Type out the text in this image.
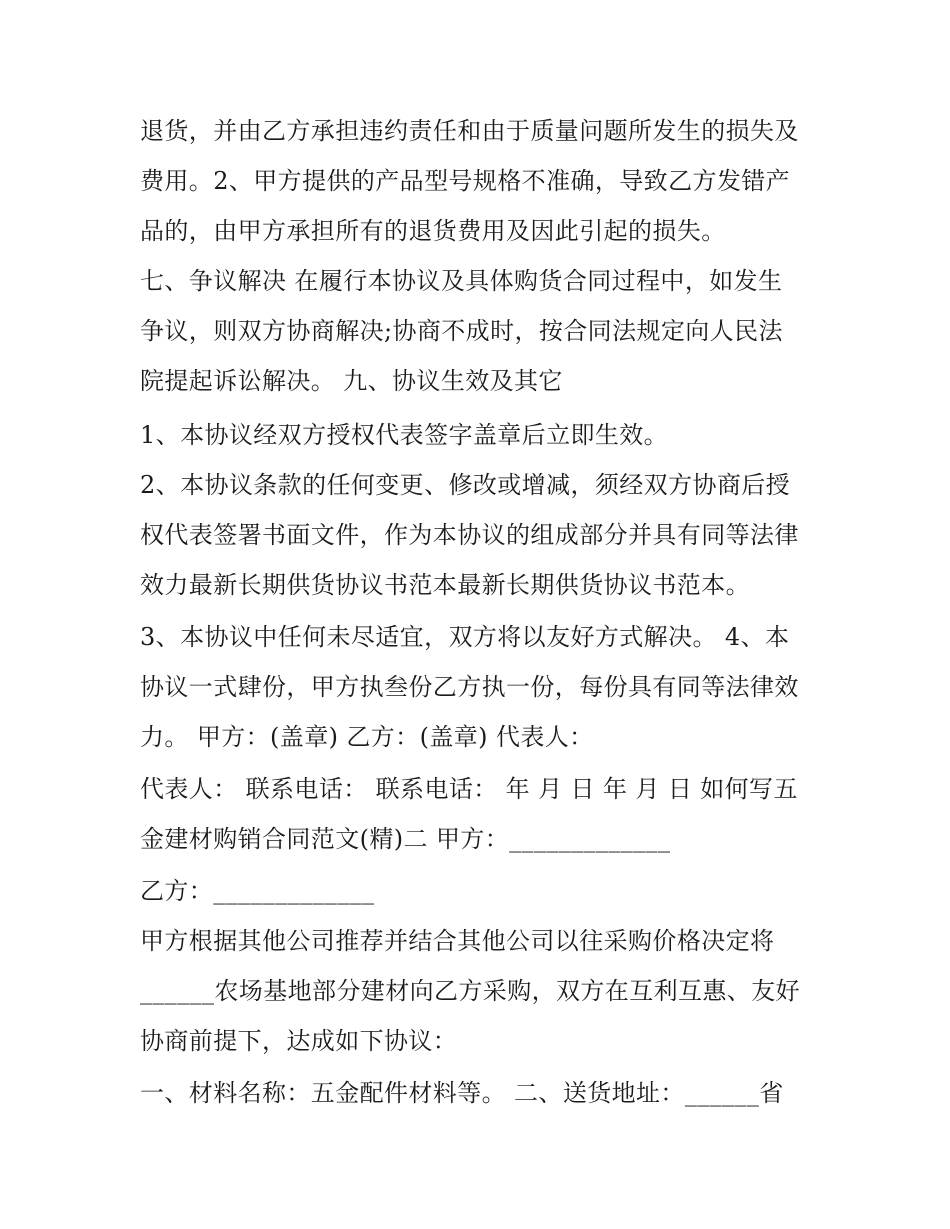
退货，并由乙方承担违约责任和由于质量问题所发生的损失及

费用。2、甲方提供的产品型号规格不准确，导致乙方发错产

品的，由甲方承担所有的退货费用及因此引起的损失。

七、争议解决 在履行本协议及具体购货合同过程中，如发生

争议，则双方协商解决;协商不成时，按合同法规定向人民法

院提起诉讼解决。 九、协议生效及其它

1、本协议经双方授权代表签字盖章后立即生效。

2、本协议条款的任何变更、修改或增减，须经双方协商后授

权代表签署书面文件，作为本协议的组成部分并具有同等法律

效力最新长期供货协议书范本最新长期供货协议书范本。

3、本协议中任何未尽适宜，双方将以友好方式解决。 4、本

协议一式肆份，甲方执叁份乙方执一份，每份具有同等法律效

力。 甲方：(盖章) 乙方：(盖章) 代表人：

代表人： 联系电话： 联系电话： 年 月 日 年 月 日 如何写五

金建材购销合同范文(精)二 甲方：_____________

乙方：_____________

甲方根据其他公司推荐并结合其他公司以往采购价格决定将

______农场基地部分建材向乙方采购，双方在互利互惠、友好

协商前提下，达成如下协议：

一、材料名称：五金配件材料等。 二、送货地址：______省
